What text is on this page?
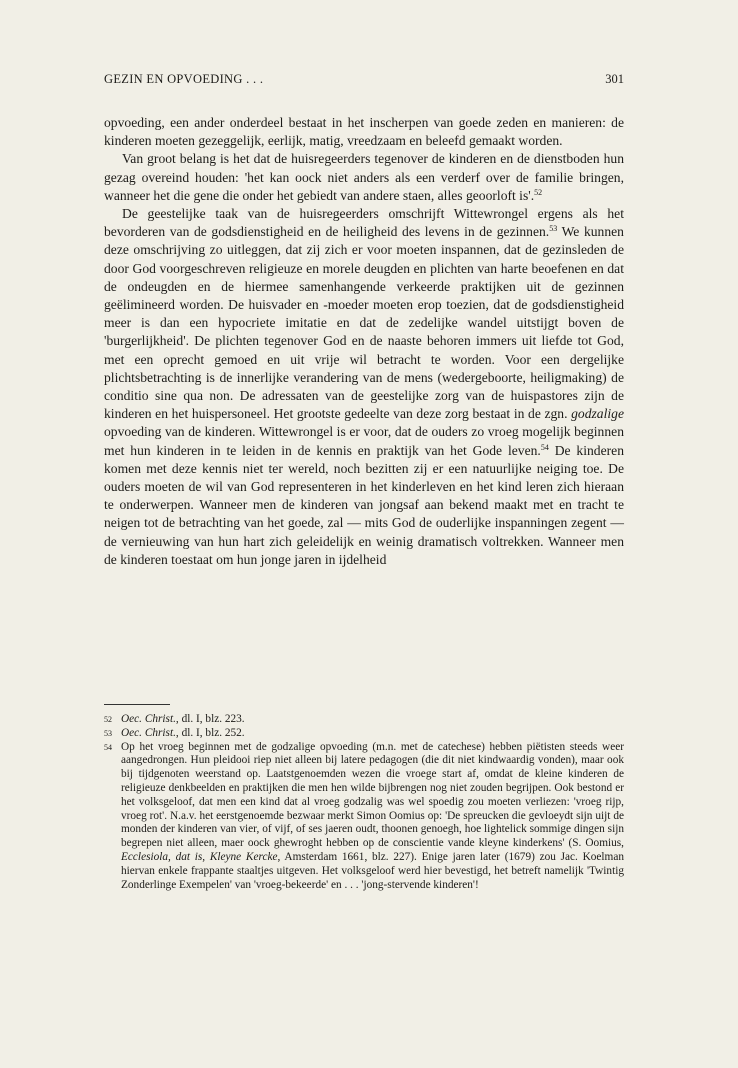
GEZIN EN OPVOEDING . . .	301

opvoeding, een ander onderdeel bestaat in het inscherpen van goede zeden en manieren: de kinderen moeten gezeggelijk, eerlijk, matig, vreedzaam en beleefd gemaakt worden.

Van groot belang is het dat de huisregeerders tegenover de kinderen en de dienstboden hun gezag overeind houden: 'het kan oock niet anders als een verderf over de familie bringen, wanneer het die gene die onder het gebiedt van andere staen, alles geoorloft is'.$^{52}$

De geestelijke taak van de huisregeerders omschrijft Wittewrongel ergens als het bevorderen van de godsdienstigheid en de heiligheid des levens in de gezinnen.$^{53}$ We kunnen deze omschrijving zo uitleggen, dat zij zich er voor moeten inspannen, dat de gezinsleden de door God voorgeschreven religieuze en morele deugden en plichten van harte beoefenen en dat de ondeugden en de hiermee samenhangende verkeerde praktijken uit de gezinnen geëlimineerd worden. De huisvader en -moeder moeten erop toezien, dat de godsdienstigheid meer is dan een hypocriete imitatie en dat de zedelijke wandel uitstijgt boven de 'burgerlijkheid'. De plichten tegenover God en de naaste behoren immers uit liefde tot God, met een oprecht gemoed en uit vrije wil betracht te worden. Voor een dergelijke plichtsbetrachting is de innerlijke verandering van de mens (wedergeboorte, heiligmaking) de conditio sine qua non. De adressaten van de geestelijke zorg van de huispastores zijn de kinderen en het huispersoneel. Het grootste gedeelte van deze zorg bestaat in de zgn. godzalige opvoeding van de kinderen. Wittewrongel is er voor, dat de ouders zo vroeg mogelijk beginnen met hun kinderen in te leiden in de kennis en praktijk van het Gode leven.$^{54}$ De kinderen komen met deze kennis niet ter wereld, noch bezitten zij er een natuurlijke neiging toe. De ouders moeten de wil van God representeren in het kinderleven en het kind leren zich hieraan te onderwerpen. Wanneer men de kinderen van jongsaf aan bekend maakt met en tracht te neigen tot de betrachting van het goede, zal — mits God de ouderlijke inspanningen zegent — de vernieuwing van hun hart zich geleidelijk en weinig dramatisch voltrekken. Wanneer men de kinderen toestaat om hun jonge jaren in ijdelheid

52 Oec. Christ., dl. I, blz. 223.

53 Oec. Christ., dl. I, blz. 252.

54 Op het vroeg beginnen met de godzalige opvoeding (m.n. met de catechese) hebben piëtisten steeds weer aangedrongen. Hun pleidooi riep niet alleen bij latere pedagogen (die dit niet kindwaardig vonden), maar ook bij tijdgenoten weerstand op. Laatstgenoemden wezen die vroege start af, omdat de kleine kinderen de religieuze denkbeelden en praktijken die men hen wilde bijbrengen nog niet zouden begrijpen. Ook bestond er het volksgeloof, dat men een kind dat al vroeg godzalig was wel spoedig zou moeten verliezen: 'vroeg rijp, vroeg rot'. N.a.v. het eerstgenoemde bezwaar merkt Simon Oomius op: 'De spreucken die gevloeydt sijn uijt de monden der kinderen van vier, of vijf, of ses jaeren oudt, thoonen genoegh, hoe lightelick sommige dingen sijn begrepen niet alleen, maer oock ghewroght hebben op de conscientie vande kleyne kinderkens' (S. Oomius, Ecclesiola, dat is, Kleyne Kercke, Amsterdam 1661, blz. 227). Enige jaren later (1679) zou Jac. Koelman hiervan enkele frappante staaltjes uitgeven. Het volksgeloof werd hier bevestigd, het betreft namelijk 'Twintig Zonderlinge Exempelen' van 'vroeg-bekeerde' en . . . 'jong-stervende kinderen'!
